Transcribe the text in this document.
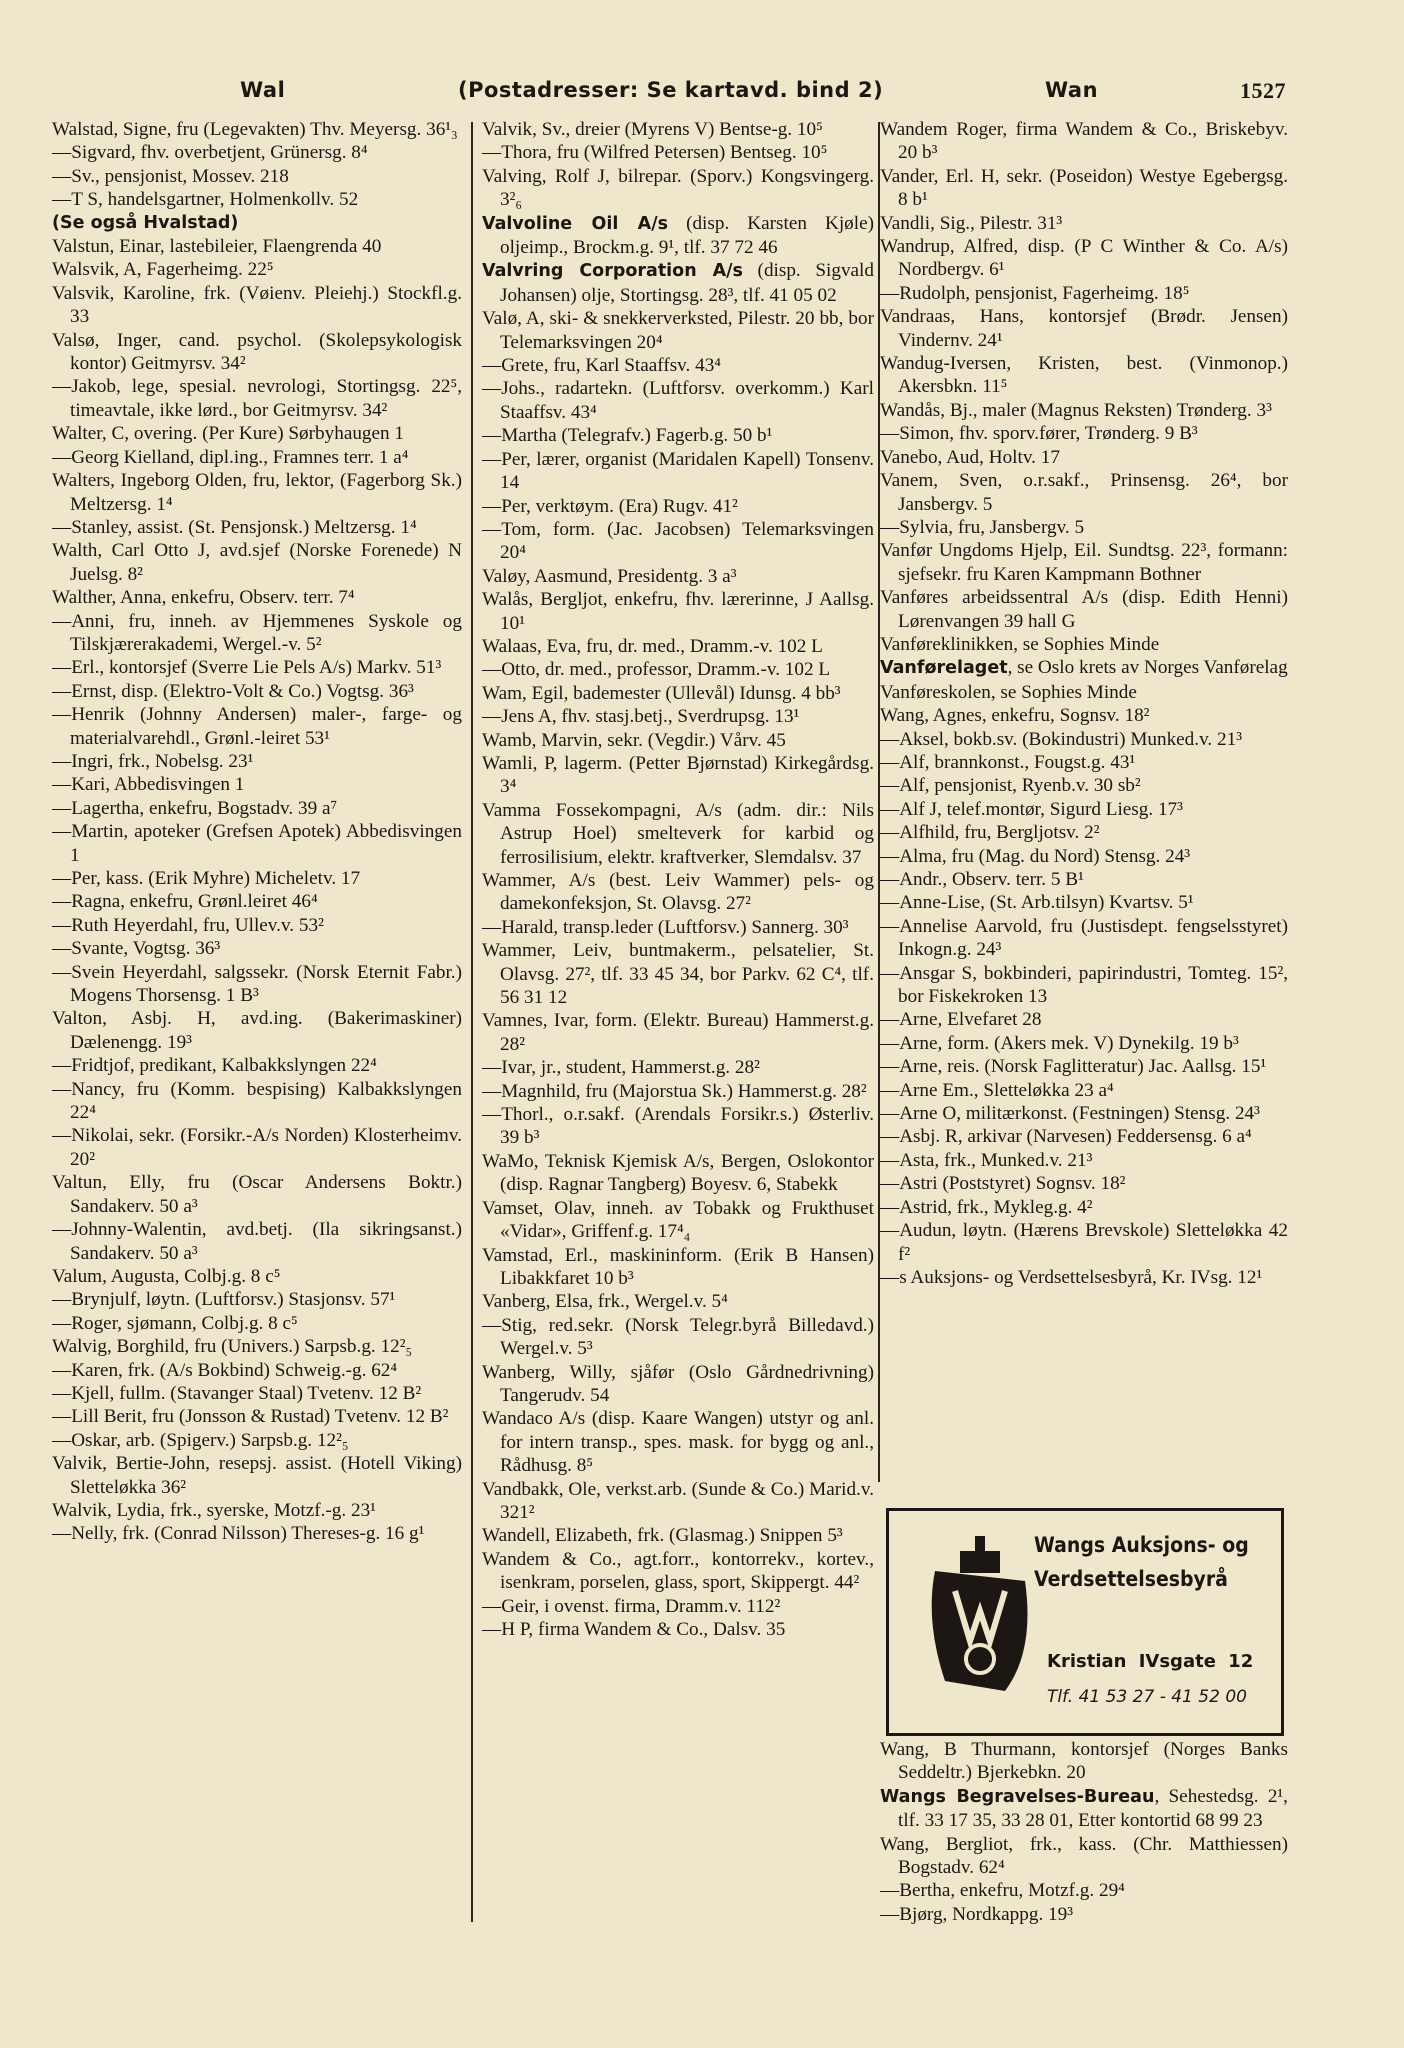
Wal	(Postadresser: Se kartavd. bind 2)	Wan	1527

Walstad, Signe, fru (Legevakten) Thv. Meyersg. 36¹₃

—Sigvard, fhv. overbetjent, Grünersg. 8⁴

—Sv., pensjonist, Mossev. 218

—T S, handelsgartner, Holmenkollv. 52

(Se også Hvalstad)

Valstun, Einar, lastebileier, Flaengrenda 40

Walsvik, A, Fagerheimg. 22⁵

Valsvik, Karoline, frk. (Vøienv. Pleiehj.) Stockfl.g. 33

Valsø, Inger, cand. psychol. (Skolepsykologisk kontor) Geitmyrsv. 34²

—Jakob, lege, spesial. nevrologi, Stortingsg. 22⁵, timeavtale, ikke lørd., bor Geitmyrsv. 34²

Walter, C, overing. (Per Kure) Sørbyhaugen 1

—Georg Kielland, dipl.ing., Framnes terr. 1 a⁴

Walters, Ingeborg Olden, fru, lektor, (Fagerborg Sk.) Meltzersg. 1⁴

—Stanley, assist. (St. Pensjonsk.) Meltzersg. 1⁴

Walth, Carl Otto J, avd.sjef (Norske Forenede) N Juelsg. 8²

Walther, Anna, enkefru, Observ. terr. 7⁴

—Anni, fru, inneh. av Hjemmenes Syskole og Tilskjærerakademi, Wergel.-v. 5²

—Erl., kontorsjef (Sverre Lie Pels A/s) Markv. 51³

—Ernst, disp. (Elektro-Volt & Co.) Vogtsg. 36³

—Henrik (Johnny Andersen) maler-, farge- og materialvarehdl., Grønl.-leiret 53¹

—Ingri, frk., Nobelsg. 23¹

—Kari, Abbedisvingen 1

—Lagertha, enkefru, Bogstadv. 39 a⁷

—Martin, apoteker (Grefsen Apotek) Abbedisvingen 1

—Per, kass. (Erik Myhre) Micheletv. 17

—Ragna, enkefru, Grønl.leiret 46⁴

—Ruth Heyerdahl, fru, Ullev.v. 53²

—Svante, Vogtsg. 36³

—Svein Heyerdahl, salgssekr. (Norsk Eternit Fabr.) Mogens Thorsensg. 1 B³

Valton, Asbj. H, avd.ing. (Bakerimaskiner) Dælenengg. 19³

—Fridtjof, predikant, Kalbakkslyngen 22⁴

—Nancy, fru (Komm. bespising) Kalbakkslyngen 22⁴

—Nikolai, sekr. (Forsikr.-A/s Norden) Klosterheimv. 20²

Valtun, Elly, fru (Oscar Andersens Boktr.) Sandakerv. 50 a³

—Johnny-Walentin, avd.betj. (Ila sikringsanst.) Sandakerv. 50 a³

Valum, Augusta, Colbj.g. 8 c⁵

—Brynjulf, løytn. (Luftforsv.) Stasjonsv. 57¹

—Roger, sjømann, Colbj.g. 8 c⁵

Walvig, Borghild, fru (Univers.) Sarpsb.g. 12²₅

—Karen, frk. (A/s Bokbind) Schweig.-g. 62⁴

—Kjell, fullm. (Stavanger Staal) Tvetenv. 12 B²

—Lill Berit, fru (Jonsson & Rustad) Tvetenv. 12 B²

—Oskar, arb. (Spigerv.) Sarpsb.g. 12²₅

Valvik, Bertie-John, resepsj. assist. (Hotell Viking) Sletteløkka 36²

Walvik, Lydia, frk., syerske, Motzf.-g. 23¹

—Nelly, frk. (Conrad Nilsson) Thereses-g. 16 g¹

Valvik, Sv., dreier (Myrens V) Bentse-g. 10⁵

—Thora, fru (Wilfred Petersen) Bentseg. 10⁵

Valving, Rolf J, bilrepar. (Sporv.) Kongsvingerg. 3²₆

Valvoline Oil A/s (disp. Karsten Kjøle) oljeimp., Brockm.g. 9¹, tlf. 37 72 46

Valvring Corporation A/s (disp. Sigvald Johansen) olje, Stortingsg. 28³, tlf. 41 05 02

Valø, A, ski- & snekkerverksted, Pilestr. 20 bb, bor Telemarksvingen 20⁴

—Grete, fru, Karl Staaffsv. 43⁴

—Johs., radartekn. (Luftforsv. overkomm.) Karl Staaffsv. 43⁴

—Martha (Telegrafv.) Fagerb.g. 50 b¹

—Per, lærer, organist (Maridalen Kapell) Tonsenv. 14

—Per, verktøym. (Era) Rugv. 41²

—Tom, form. (Jac. Jacobsen) Telemarksvingen 20⁴

Valøy, Aasmund, Presidentg. 3 a³

Walås, Bergljot, enkefru, fhv. lærerinne, J Aallsg. 10¹

Walaas, Eva, fru, dr. med., Dramm.-v. 102 L

—Otto, dr. med., professor, Dramm.-v. 102 L

Wam, Egil, bademester (Ullevål) Idunsg. 4 bb³

—Jens A, fhv. stasj.betj., Sverdrupsg. 13¹

Wamb, Marvin, sekr. (Vegdir.) Vårv. 45

Wamli, P, lagerm. (Petter Bjørnstad) Kirkegårdsg. 3⁴

Vamma Fossekompagni, A/s (adm. dir.: Nils Astrup Hoel) smelteverk for karbid og ferrosilisium, elektr. kraftverker, Slemdalsv. 37

Wammer, A/s (best. Leiv Wammer) pels- og damekonfeksjon, St. Olavsg. 27²

—Harald, transp.leder (Luftforsv.) Sannerg. 30³

Wammer, Leiv, buntmakerm., pelsatelier, St. Olavsg. 27², tlf. 33 45 34, bor Parkv. 62 C⁴, tlf. 56 31 12

Vamnes, Ivar, form. (Elektr. Bureau) Hammerst.g. 28²

—Ivar, jr., student, Hammerst.g. 28²

—Magnhild, fru (Majorstua Sk.) Hammerst.g. 28²

—Thorl., o.r.sakf. (Arendals Forsikr.s.) Østerliv. 39 b³

WaMo, Teknisk Kjemisk A/s, Bergen, Oslokontor (disp. Ragnar Tangberg) Boyesv. 6, Stabekk

Vamset, Olav, inneh. av Tobakk og Frukthuset «Vidar», Griffenf.g. 17⁴₄

Vamstad, Erl., maskininform. (Erik B Hansen) Libakkfaret 10 b³

Vanberg, Elsa, frk., Wergel.v. 5⁴

—Stig, red.sekr. (Norsk Telegr.byrå Billedavd.) Wergel.v. 5³

Wanberg, Willy, sjåfør (Oslo Gårdnedrivning) Tangerudv. 54

Wandaco A/s (disp. Kaare Wangen) utstyr og anl. for intern transp., spes. mask. for bygg og anl., Rådhusg. 8⁵

Vandbakk, Ole, verkst.arb. (Sunde & Co.) Marid.v. 321²

Wandell, Elizabeth, frk. (Glasmag.) Snippen 5³

Wandem & Co., agt.forr., kontorrekv., kortev., isenkram, porselen, glass, sport, Skippergt. 44²

—Geir, i ovenst. firma, Dramm.v. 112²

—H P, firma Wandem & Co., Dalsv. 35

Wandem Roger, firma Wandem & Co., Briskebyv. 20 b³

Vander, Erl. H, sekr. (Poseidon) Westye Egebergsg. 8 b¹

Vandli, Sig., Pilestr. 31³

Wandrup, Alfred, disp. (P C Winther & Co. A/s) Nordbergv. 6¹

—Rudolph, pensjonist, Fagerheimg. 18⁵

Vandraas, Hans, kontorsjef (Brødr. Jensen) Vindernv. 24¹

Wandug-Iversen, Kristen, best. (Vinmonop.) Akersbkn. 11⁵

Wandås, Bj., maler (Magnus Reksten) Trønderg. 3³

—Simon, fhv. sporv.fører, Trønderg. 9 B³

Vanebo, Aud, Holtv. 17

Vanem, Sven, o.r.sakf., Prinsensg. 26⁴, bor Jansbergv. 5

—Sylvia, fru, Jansbergv. 5

Vanfør Ungdoms Hjelp, Eil. Sundtsg. 22³, formann: sjefsekr. fru Karen Kampmann Bothner

Vanføres arbeidssentral A/s (disp. Edith Henni) Lørenvangen 39 hall G

Vanføreklinikken, se Sophies Minde

Vanførelaget, se Oslo krets av Norges Vanførelag

Vanføreskolen, se Sophies Minde

Wang, Agnes, enkefru, Sognsv. 18²

—Aksel, bokb.sv. (Bokindustri) Munked.v. 21³

—Alf, brannkonst., Fougst.g. 43¹

—Alf, pensjonist, Ryenb.v. 30 sb²

—Alf J, telef.montør, Sigurd Liesg. 17³

—Alfhild, fru, Bergljotsv. 2²

—Alma, fru (Mag. du Nord) Stensg. 24³

—Andr., Observ. terr. 5 B¹

—Anne-Lise, (St. Arb.tilsyn) Kvartsv. 5¹

—Annelise Aarvold, fru (Justisdept. fengselsstyret) Inkogn.g. 24³

—Ansgar S, bokbinderi, papirindustri, Tomteg. 15², bor Fiskekroken 13

—Arne, Elvefaret 28

—Arne, form. (Akers mek. V) Dynekilg. 19 b³

—Arne, reis. (Norsk Faglitteratur) Jac. Aallsg. 15¹

—Arne Em., Sletteløkka 23 a⁴

—Arne O, militærkonst. (Festningen) Stensg. 24³

—Asbj. R, arkivar (Narvesen) Feddersensg. 6 a⁴

—Asta, frk., Munked.v. 21³

—Astri (Poststyret) Sognsv. 18²

—Astrid, frk., Mykleg.g. 4²

—Audun, løytn. (Hærens Brevskole) Sletteløkka 42 f²

—s Auksjons- og Verdsettelsesbyrå, Kr. IVsg. 12¹

Wangs Auksjons- og
Verdsettelsesbyrå
Kristian IVsgate 12
Tlf. 41 53 27 - 41 52 00

Wang, B Thurmann, kontorsjef (Norges Banks Seddeltr.) Bjerkebkn. 20

Wangs Begravelses-Bureau, Sehestedsg. 2¹, tlf. 33 17 35, 33 28 01, Etter kontortid 68 99 23

Wang, Bergliot, frk., kass. (Chr. Matthiessen) Bogstadv. 62⁴

—Bertha, enkefru, Motzf.g. 29⁴

—Bjørg, Nordkappg. 19³
